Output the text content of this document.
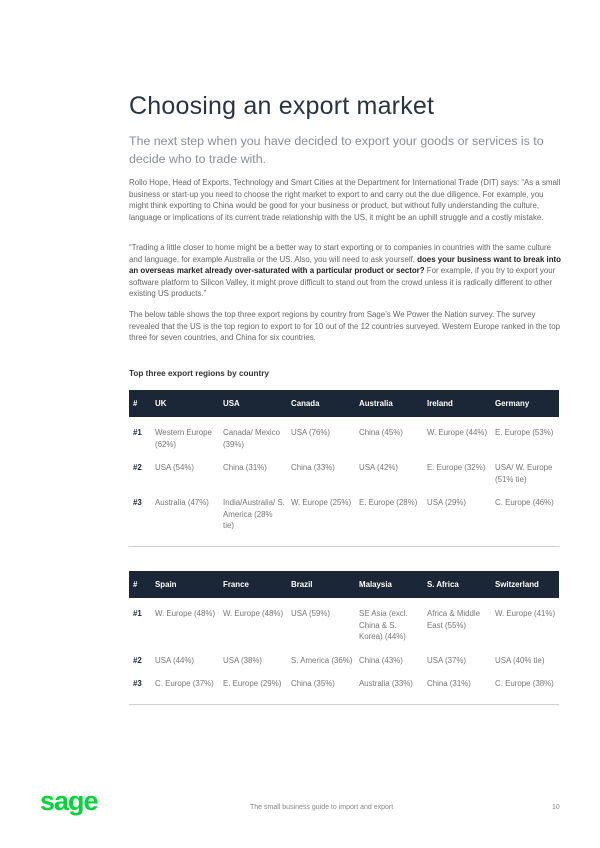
Choosing an export market

The next step when you have decided to export your goods or services is to decide who to trade with.

Rollo Hope, Head of Exports, Technology and Smart Cities at the Department for International Trade (DIT) says: “As a small business or start-up you need to choose the right market to export to and carry out the due diligence. For example, you might think exporting to China would be good for your business or product, but without fully understanding the culture, language or implications of its current trade relationship with the US, it might be an uphill struggle and a costly mistake.

“Trading a little closer to home might be a better way to start exporting or to companies in countries with the same culture and language, for example Australia or the US. Also, you will need to ask yourself, does your business want to break into an overseas market already over-saturated with a particular product or sector? For example, if you try to export your software platform to Silicon Valley, it might prove difficult to stand out from the crowd unless it is radically different to other existing US products.”

The below table shows the top three export regions by country from Sage’s We Power the Nation survey. The survey revealed that the US is the top region to export to for 10 out of the 12 countries surveyed. Western Europe ranked in the top three for seven countries, and China for six countries.

Top three export regions by country

#	UK	USA	Canada	Australia	Ireland	Germany
#1	Western Europe (62%)	Canada/ Mexico (39%)	USA (76%)	China (45%)	W. Europe (44%)	E. Europe (53%)
#2	USA (54%)	China (31%)	China (33%)	USA (42%)	E. Europe (32%)	USA/ W. Europe (51% tie)
#3	Australia (47%)	India/Australia/ S. America (28% tie)	W. Europe (25%)	E. Europe (28%)	USA (29%)	C. Europe (46%)
#	Spain	France	Brazil	Malaysia	S. Africa	Switzerland
#1	W. Europe (48%)	W. Europe (48%)	USA (59%)	SE Asia (excl. China & S. Korea) (44%)	Africa & Middle East (55%)	W. Europe (41%)
#2	USA (44%)	USA (38%)	S. America (36%)	China (43%)	USA (37%)	USA (40% tie)
#3	C. Europe (37%)	E. Europe (29%)	China (35%)	Australia (33%)	China (31%)	C. Europe (38%)
sage	The small business guide to import and export	10
